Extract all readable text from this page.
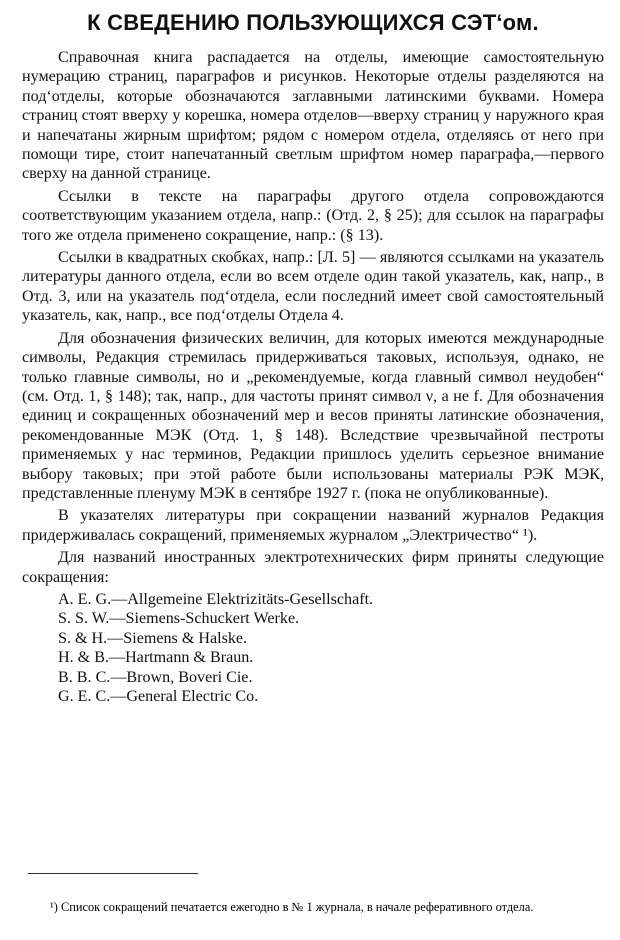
К СВЕДЕНИЮ ПОЛЬЗУЮЩИХСЯ СЭТ‘ом.

Справочная книга распадается на отделы, имеющие самостоятельную нумерацию страниц, параграфов и рисунков. Некоторые отделы разделяются на под‘отделы, которые обозначаются заглавными латинскими буквами. Номера страниц стоят вверху у корешка, номера отделов—вверху страниц у наружного края и напечатаны жирным шрифтом; рядом с номером отдела, отделяясь от него при помощи тире, стоит напечатанный светлым шрифтом номер параграфа,—первого сверху на данной странице.

Ссылки в тексте на параграфы другого отдела сопровождаются соответствующим указанием отдела, напр.: (Отд. 2, § 25); для ссылок на параграфы того же отдела применено сокращение, напр.: (§ 13).

Ссылки в квадратных скобках, напр.: [Л. 5] — являются ссылками на указатель литературы данного отдела, если во всем отделе один такой указатель, как, напр., в Отд. 3, или на указатель под‘отдела, если последний имеет свой самостоятельный указатель, как, напр., все под‘отделы Отдела 4.

Для обозначения физических величин, для которых имеются международные символы, Редакция стремилась придерживаться таковых, используя, однако, не только главные символы, но и „рекомендуемые, когда главный символ неудобен“ (см. Отд. 1, § 148); так, напр., для частоты принят символ ν, а не f. Для обозначения единиц и сокращенных обозначений мер и весов приняты латинские обозначения, рекомендованные МЭК (Отд. 1, § 148). Вследствие чрезвычайной пестроты применяемых у нас терминов, Редакции пришлось уделить серьезное внимание выбору таковых; при этой работе были использованы материалы РЭК МЭК, представленные пленуму МЭК в сентябре 1927 г. (пока не опубликованные).

В указателях литературы при сокращении названий журналов Редакция придерживалась сокращений, применяемых журналом „Электричество“ ¹).

Для названий иностранных электротехнических фирм приняты следующие сокращения:

A. E. G.—Allgemeine Elektrizitäts-Gesellschaft.
S. S. W.—Siemens-Schuckert Werke.
S. & H.—Siemens & Halske.
H. & B.—Hartmann & Braun.
B. B. C.—Brown, Boveri Cie.
G. E. C.—General Electric Co.

¹) Список сокращений печатается ежегодно в № 1 журнала, в начале реферативного отдела.
